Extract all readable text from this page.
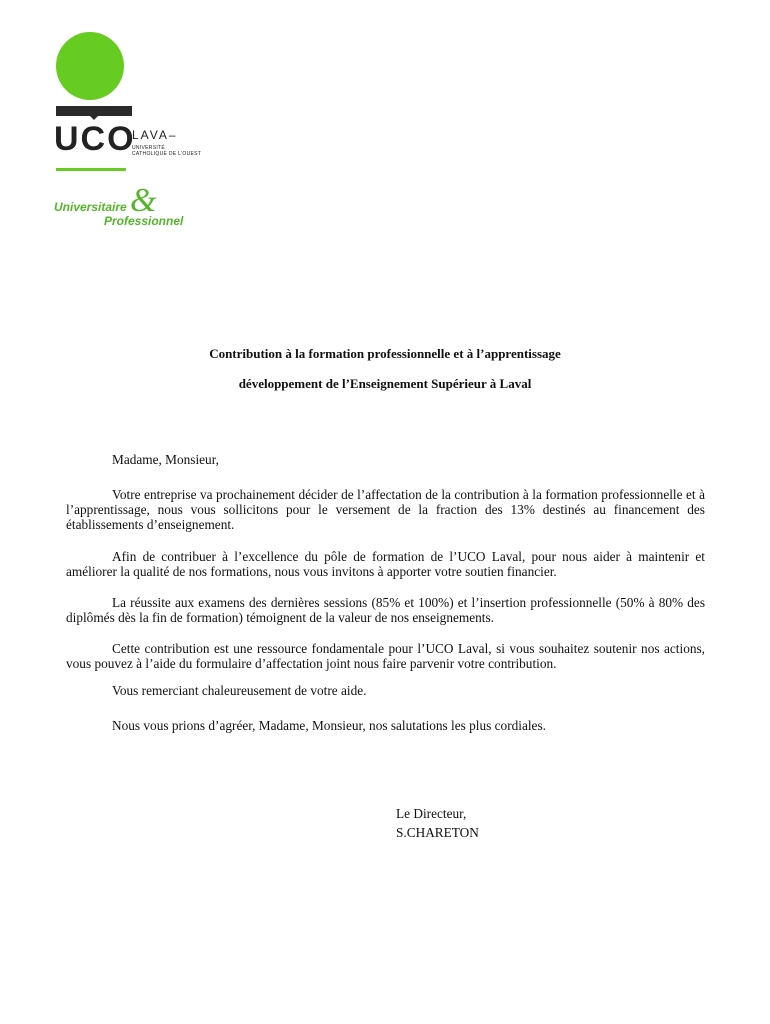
UCO
LAVA–
UNIVERSITÉ
CATHOLIQUE DE L'OUEST
Universitaire &
Professionnel
Contribution à la formation professionnelle et à l’apprentissage
développement de l’Enseignement Supérieur à Laval

Madame, Monsieur,

Votre entreprise va prochainement décider de l’affectation de la contribution à la formation professionnelle et à l’apprentissage, nous vous sollicitons pour le versement de la fraction des 13% destinés au financement des établissements d’enseignement.

Afin de contribuer à l’excellence du pôle de formation de l’UCO Laval, pour nous aider à maintenir et améliorer la qualité de nos formations, nous vous invitons à apporter votre soutien financier.

La réussite aux examens des dernières sessions (85% et 100%) et l’insertion professionnelle (50% à 80% des diplômés dès la fin de formation) témoignent de la valeur de nos enseignements.

Cette contribution est une ressource fondamentale pour l’UCO Laval, si vous souhaitez soutenir nos actions, vous pouvez à l’aide du formulaire d’affectation joint nous faire parvenir votre contribution.

Vous remerciant chaleureusement de votre aide.

Nous vous prions d’agréer, Madame, Monsieur, nos salutations les plus cordiales.

Le Directeur,
S.CHARETON
